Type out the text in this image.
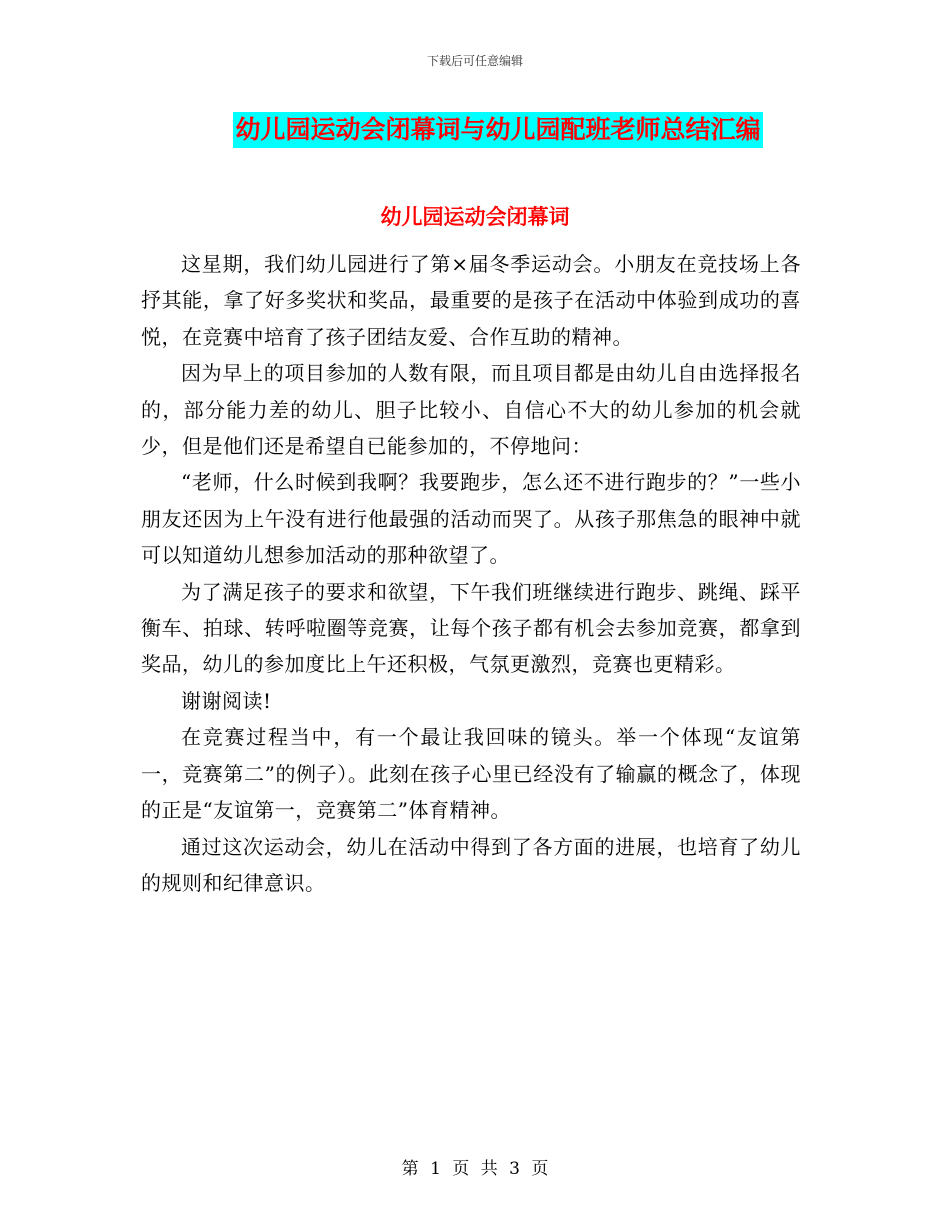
下载后可任意编辑
幼儿园运动会闭幕词与幼儿园配班老师总结汇编
幼儿园运动会闭幕词

这星期，我们幼儿园进行了第×届冬季运动会。小朋友在竞技场上各抒其能，拿了好多奖状和奖品，最重要的是孩子在活动中体验到成功的喜悦，在竞赛中培育了孩子团结友爱、合作互助的精神。

因为早上的项目参加的人数有限，而且项目都是由幼儿自由选择报名的，部分能力差的幼儿、胆子比较小、自信心不大的幼儿参加的机会就少，但是他们还是希望自已能参加的，不停地问：

“老师，什么时候到我啊？我要跑步，怎么还不进行跑步的？”一些小朋友还因为上午没有进行他最强的活动而哭了。从孩子那焦急的眼神中就可以知道幼儿想参加活动的那种欲望了。

为了满足孩子的要求和欲望，下午我们班继续进行跑步、跳绳、踩平衡车、拍球、转呼啦圈等竞赛，让每个孩子都有机会去参加竞赛，都拿到奖品，幼儿的参加度比上午还积极，气氛更激烈，竞赛也更精彩。

谢谢阅读!

在竞赛过程当中，有一个最让我回味的镜头。举一个体现“友谊第一，竞赛第二”的例子）。此刻在孩子心里已经没有了输赢的概念了，体现的正是“友谊第一，竞赛第二”体育精神。

通过这次运动会，幼儿在活动中得到了各方面的进展，也培育了幼儿的规则和纪律意识。

第 1 页 共 3 页
